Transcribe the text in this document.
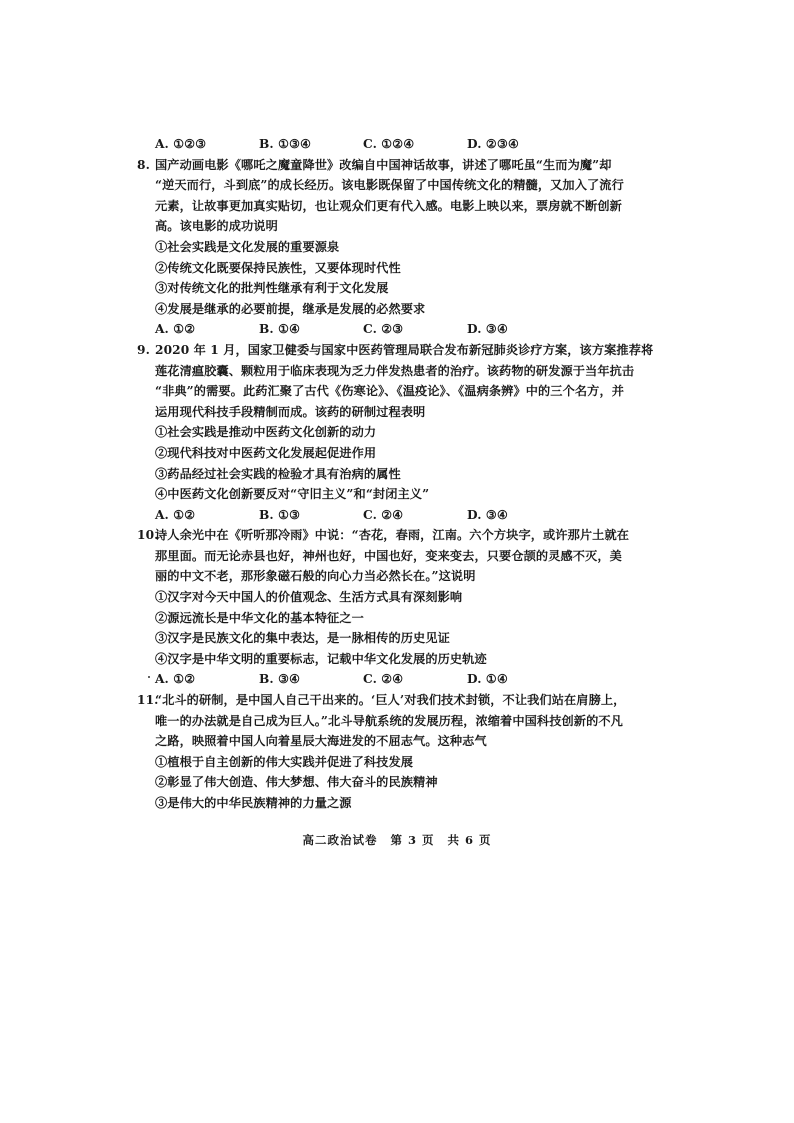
A. ①②③	B. ①③④	C. ①②④	D. ②③④
8. 国产动画电影《哪吒之魔童降世》改编自中国神话故事，讲述了哪吒虽“生而为魔”却
“逆天而行，斗到底”的成长经历。该电影既保留了中国传统文化的精髓，又加入了流行
元素，让故事更加真实贴切，也让观众们更有代入感。电影上映以来，票房就不断创新
高。该电影的成功说明
①社会实践是文化发展的重要源泉
②传统文化既要保持民族性，又要体现时代性
③对传统文化的批判性继承有利于文化发展
④发展是继承的必要前提，继承是发展的必然要求
A. ①②	B. ①④	C. ②③	D. ③④
9. 2020 年 1 月，国家卫健委与国家中医药管理局联合发布新冠肺炎诊疗方案，该方案推荐将
莲花清瘟胶囊、颗粒用于临床表现为乏力伴发热患者的治疗。该药物的研发源于当年抗击
“非典”的需要。此药汇聚了古代《伤寒论》、《温疫论》、《温病条辨》中的三个名方，并
运用现代科技手段精制而成。该药的研制过程表明
①社会实践是推动中医药文化创新的动力
②现代科技对中医药文化发展起促进作用
③药品经过社会实践的检验才具有治病的属性
④中医药文化创新要反对“守旧主义”和“封闭主义”
A. ①②	B. ①③	C. ②④	D. ③④
10.
诗人余光中在《听听那冷雨》中说：“杏花，春雨，江南。六个方块字，或许那片土就在
那里面。而无论赤县也好，神州也好，中国也好，变来变去，只要仓颉的灵感不灭，美
丽的中文不老，那形象磁石般的向心力当必然长在。”这说明
①汉字对今天中国人的价值观念、生活方式具有深刻影响
②源远流长是中华文化的基本特征之一
③汉字是民族文化的集中表达，是一脉相传的历史见证
④汉字是中华文明的重要标志，记载中华文化发展的历史轨迹
A. ①②	B. ③④	C. ②④	D. ①④
11.
“北斗的研制，是中国人自己干出来的。‘巨人’对我们技术封锁，不让我们站在肩膀上，
唯一的办法就是自己成为巨人。”北斗导航系统的发展历程，浓缩着中国科技创新的不凡
之路，映照着中国人向着星辰大海进发的不屈志气。这种志气
①植根于自主创新的伟大实践并促进了科技发展
②彰显了伟大创造、伟大梦想、伟大奋斗的民族精神
③是伟大的中华民族精神的力量之源
高二政治试卷 第 3 页 共 6 页
